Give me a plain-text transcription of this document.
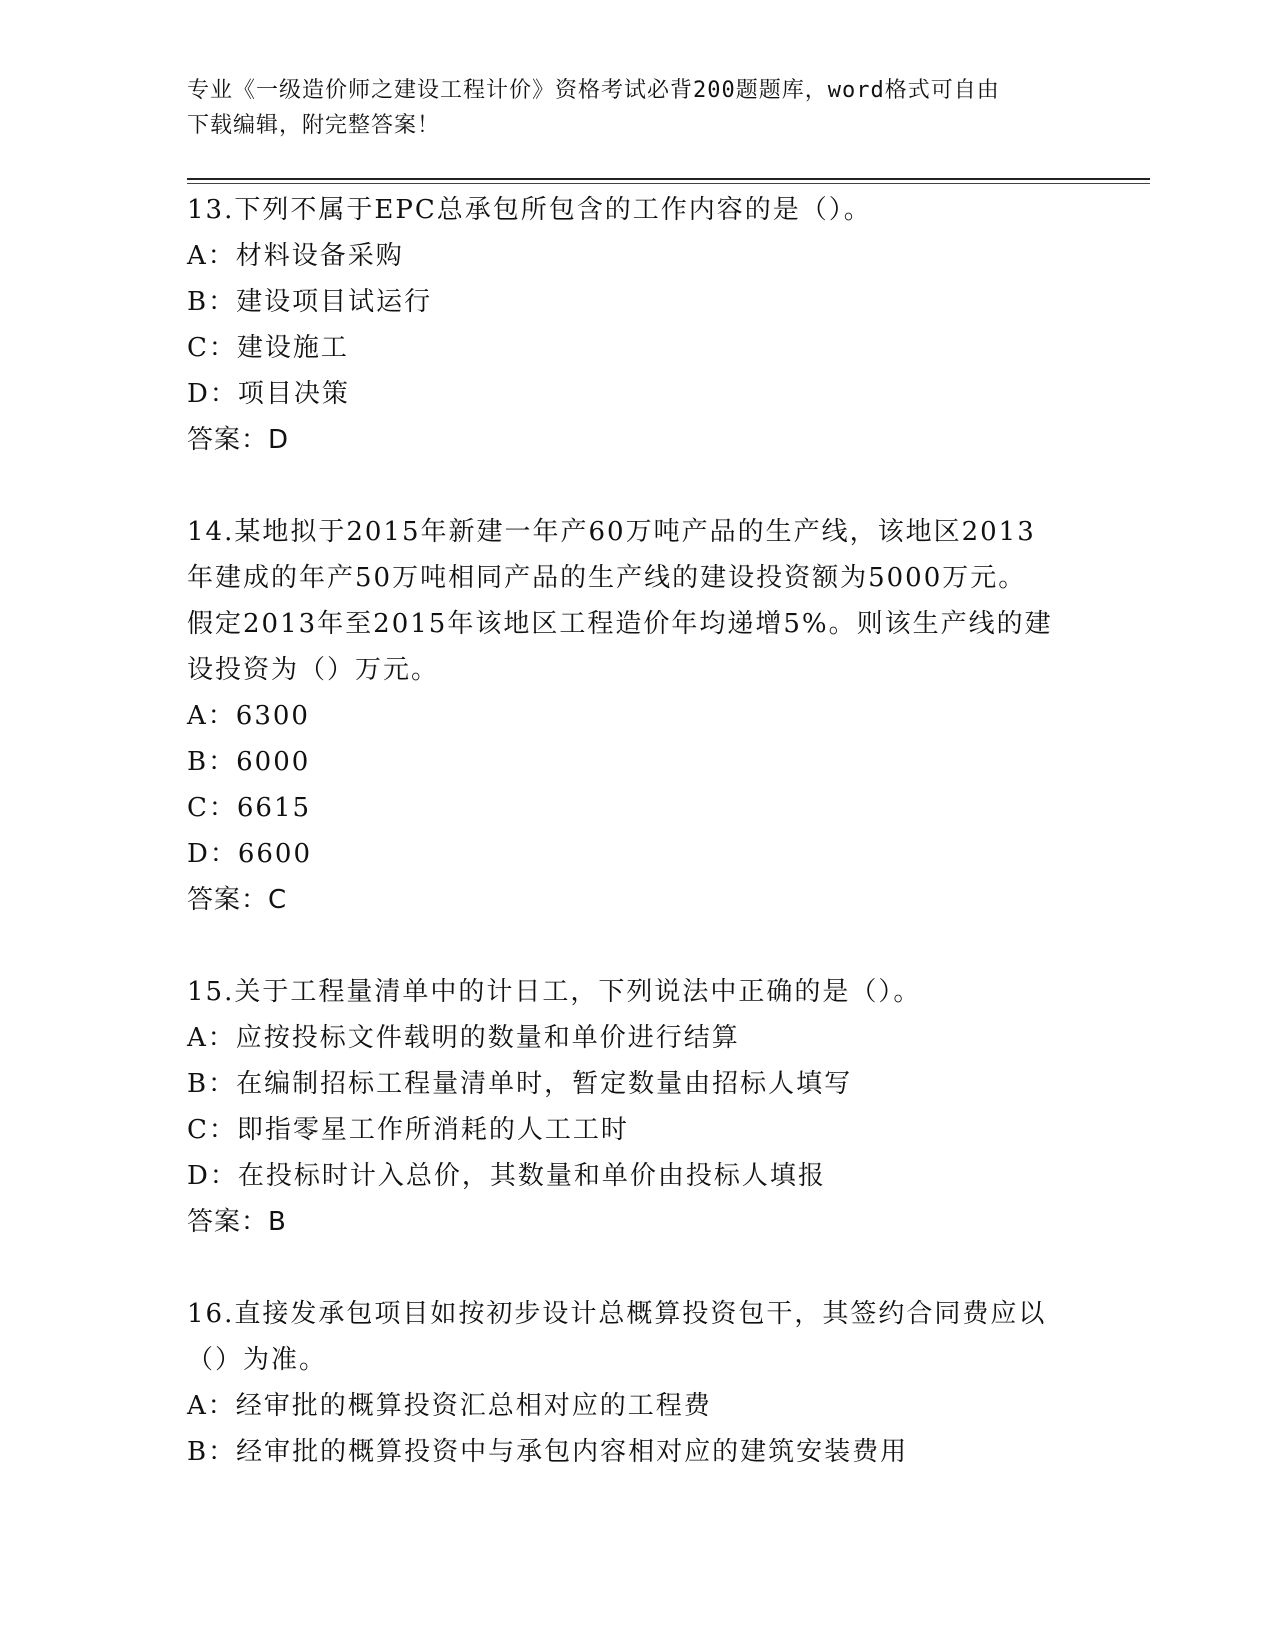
专业《一级造价师之建设工程计价》资格考试必背200题题库，word格式可自由
下载编辑，附完整答案！
13.下列不属于EPC总承包所包含的工作内容的是（）。
A：材料设备采购
B：建设项目试运行
C：建设施工
D：项目决策
答案：D
14.某地拟于2015年新建一年产60万吨产品的生产线，该地区2013
年建成的年产50万吨相同产品的生产线的建设投资额为5000万元。
假定2013年至2015年该地区工程造价年均递增5%。则该生产线的建
设投资为（）万元。
A：6300
B：6000
C：6615
D：6600
答案：C
15.关于工程量清单中的计日工，下列说法中正确的是（）。
A：应按投标文件载明的数量和单价进行结算
B：在编制招标工程量清单时，暂定数量由招标人填写
C：即指零星工作所消耗的人工工时
D：在投标时计入总价，其数量和单价由投标人填报
答案：B
16.直接发承包项目如按初步设计总概算投资包干，其签约合同费应以
（）为准。
A：经审批的概算投资汇总相对应的工程费
B：经审批的概算投资中与承包内容相对应的建筑安装费用
